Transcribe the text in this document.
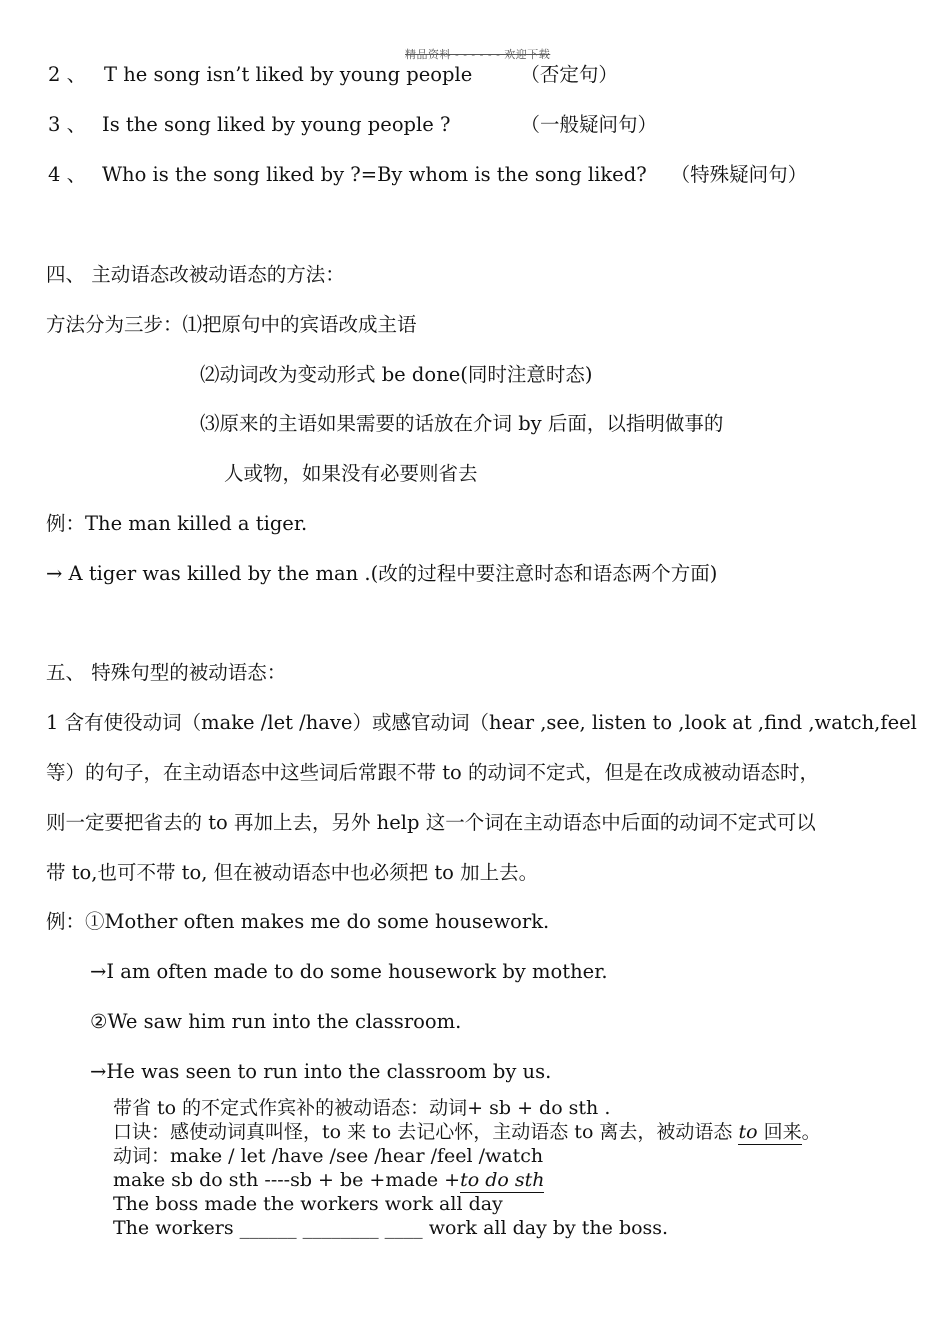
精品资料 - - - - - - 欢迎下载
2 、 T he song isn’t liked by young people （否定句）
3 、 Is the song liked by young people ?	（一般疑问句）
4 、 Who is the song liked by ?=By whom is the song liked? （特殊疑问句）
四、 主动语态改被动语态的方法：
方法分为三步：⑴把原句中的宾语改成主语
⑵动词改为变动形式 be done(同时注意时态)
⑶原来的主语如果需要的话放在介词 by 后面，以指明做事的
人或物，如果没有必要则省去
例：The man killed a tiger.
→ A tiger was killed by the man .(改的过程中要注意时态和语态两个方面)
五、 特殊句型的被动语态：
1 含有使役动词（make /let /have）或感官动词（hear ,see, listen to ,look at ,find ,watch,feel
等）的句子，在主动语态中这些词后常跟不带 to 的动词不定式，但是在改成被动语态时，
则一定要把省去的 to 再加上去，另外 help 这一个词在主动语态中后面的动词不定式可以
带 to,也可不带 to, 但在被动语态中也必须把 to 加上去。
例：①Mother often makes me do some housework.
→I am often made to do some housework by mother.
②We saw him run into the classroom.
→He was seen to run into the classroom by us.
带省 to 的不定式作宾补的被动语态：动词+ sb + do sth .
口诀：感使动词真叫怪，to 来 to 去记心怀，主动语态 to 离去，被动语态 to 回来。
动词：make / let /have /see /hear /feel /watch
make sb do sth ----sb + be +made +to do sth
The boss made the workers work all day
The workers ______ ________ ____ work all day by the boss.
